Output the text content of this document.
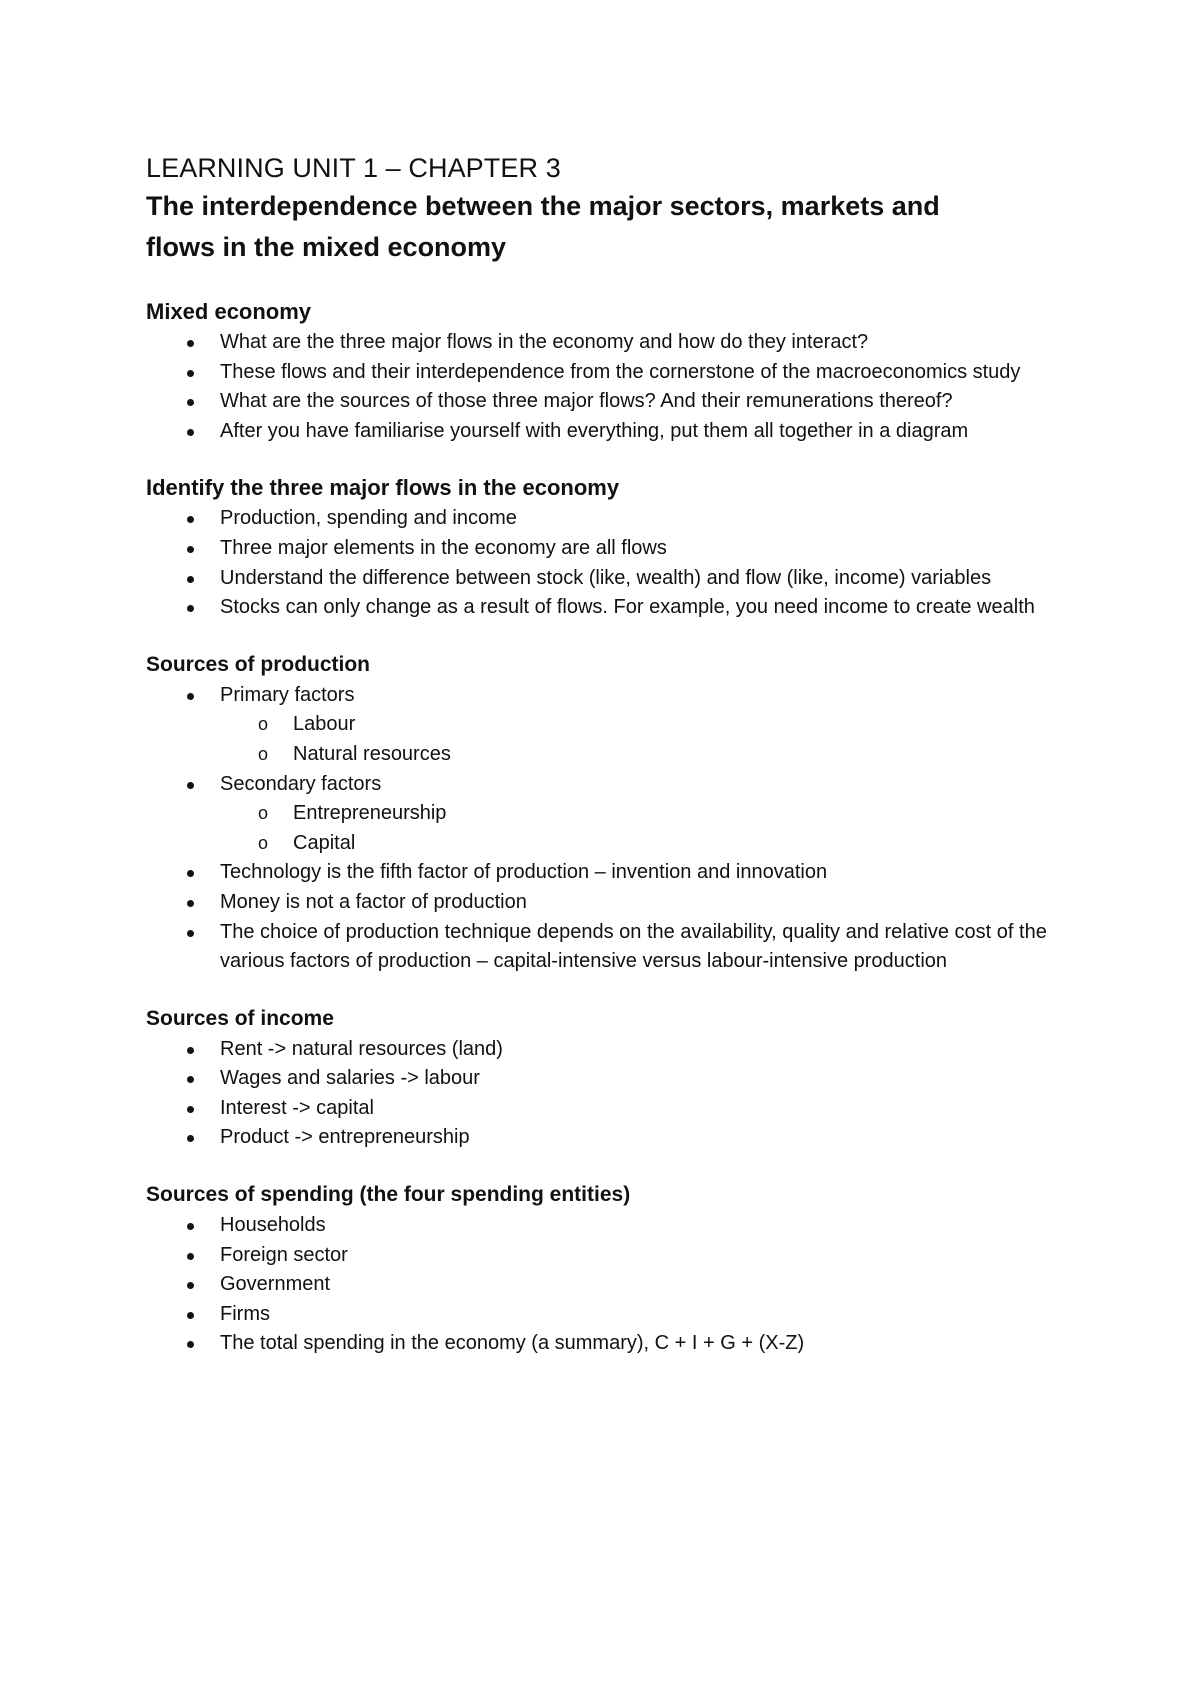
LEARNING UNIT 1 – CHAPTER 3
The interdependence between the major sectors, markets and flows in the mixed economy
Mixed economy
What are the three major flows in the economy and how do they interact?
These flows and their interdependence from the cornerstone of the macroeconomics study
What are the sources of those three major flows? And their remunerations thereof?
After you have familiarise yourself with everything, put them all together in a diagram
Identify the three major flows in the economy
Production, spending and income
Three major elements in the economy are all flows
Understand the difference between stock (like, wealth) and flow (like, income) variables
Stocks can only change as a result of flows. For example, you need income to create wealth
Sources of production
Primary factors
o Labour
o Natural resources
Secondary factors
o Entrepreneurship
o Capital
Technology is the fifth factor of production – invention and innovation
Money is not a factor of production
The choice of production technique depends on the availability, quality and relative cost of the various factors of production – capital-intensive versus labour-intensive production
Sources of income
Rent -> natural resources (land)
Wages and salaries -> labour
Interest -> capital
Product -> entrepreneurship
Sources of spending (the four spending entities)
Households
Foreign sector
Government
Firms
The total spending in the economy (a summary), C + I + G + (X-Z)
